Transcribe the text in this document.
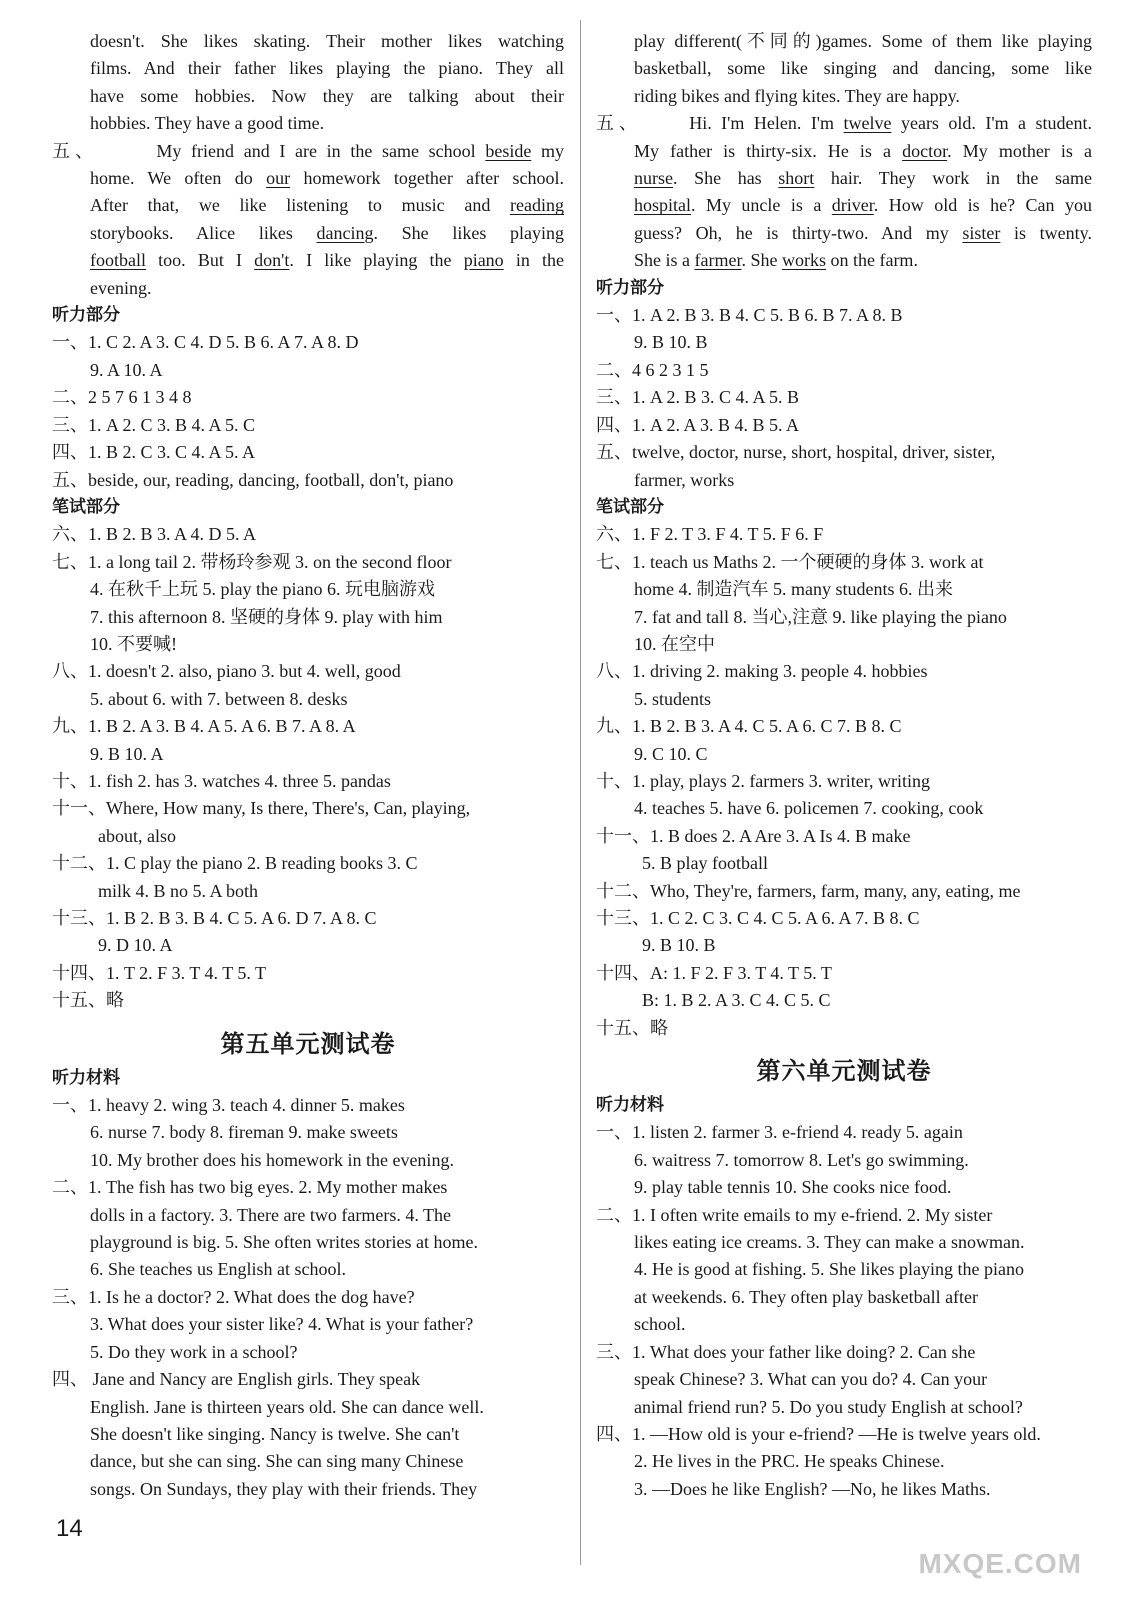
doesn't. She likes skating. Their mother likes watching
films. And their father likes playing the piano. They all
have some hobbies. Now they are talking about their
hobbies. They have a good time.
五、	My friend and I are in the same school beside my
home. We often do our homework together after school.
After that, we like listening to music and reading
storybooks. Alice likes dancing. She likes playing
football too. But I don't. I like playing the piano in the
evening.
听力部分
一、1. C 2. A 3. C 4. D 5. B 6. A 7. A 8. D
9. A 10. A
二、2 5 7 6 1 3 4 8
三、1. A 2. C 3. B 4. A 5. C
四、1. B 2. C 3. C 4. A 5. A
五、beside, our, reading, dancing, football, don't, piano
笔试部分
六、1. B 2. B 3. A 4. D 5. A
七、1. a long tail 2. 带杨玲参观 3. on the second floor
4. 在秋千上玩 5. play the piano 6. 玩电脑游戏
7. this afternoon 8. 坚硬的身体 9. play with him
10. 不要喊!
八、1. doesn't 2. also, piano 3. but 4. well, good
5. about 6. with 7. between 8. desks
九、1. B 2. A 3. B 4. A 5. A 6. B 7. A 8. A
9. B 10. A
十、1. fish 2. has 3. watches 4. three 5. pandas
十一、Where, How many, Is there, There's, Can, playing,
about, also
十二、1. C play the piano 2. B reading books 3. C
milk 4. B no 5. A both
十三、1. B 2. B 3. B 4. C 5. A 6. D 7. A 8. C
9. D 10. A
十四、1. T 2. F 3. T 4. T 5. T
十五、略
第五单元测试卷
听力材料
一、1. heavy 2. wing 3. teach 4. dinner 5. makes
6. nurse 7. body 8. fireman 9. make sweets
10. My brother does his homework in the evening.
二、1. The fish has two big eyes. 2. My mother makes
dolls in a factory. 3. There are two farmers. 4. The
playground is big. 5. She often writes stories at home.
6. She teaches us English at school.
三、1. Is he a doctor? 2. What does the dog have?
3. What does your sister like? 4. What is your father?
5. Do they work in a school?
四、 Jane and Nancy are English girls. They speak
English. Jane is thirteen years old. She can dance well.
She doesn't like singing. Nancy is twelve. She can't
dance, but she can sing. She can sing many Chinese
songs. On Sundays, they play with their friends. They
play different(不同的)games. Some of them like playing
basketball, some like singing and dancing, some like
riding bikes and flying kites. They are happy.
五、	Hi. I'm Helen. I'm twelve years old. I'm a student.
My father is thirty-six. He is a doctor. My mother is a
nurse. She has short hair. They work in the same
hospital. My uncle is a driver. How old is he? Can you
guess? Oh, he is thirty-two. And my sister is twenty.
She is a farmer. She works on the farm.
听力部分
一、1. A 2. B 3. B 4. C 5. B 6. B 7. A 8. B
9. B 10. B
二、4 6 2 3 1 5
三、1. A 2. B 3. C 4. A 5. B
四、1. A 2. A 3. B 4. B 5. A
五、twelve, doctor, nurse, short, hospital, driver, sister,
farmer, works
笔试部分
六、1. F 2. T 3. F 4. T 5. F 6. F
七、1. teach us Maths 2. 一个硬硬的身体 3. work at
home 4. 制造汽车 5. many students 6. 出来
7. fat and tall 8. 当心,注意 9. like playing the piano
10. 在空中
八、1. driving 2. making 3. people 4. hobbies
5. students
九、1. B 2. B 3. A 4. C 5. A 6. C 7. B 8. C
9. C 10. C
十、1. play, plays 2. farmers 3. writer, writing
4. teaches 5. have 6. policemen 7. cooking, cook
十一、1. B does 2. A Are 3. A Is 4. B make
5. B play football
十二、Who, They're, farmers, farm, many, any, eating, me
十三、1. C 2. C 3. C 4. C 5. A 6. A 7. B 8. C
9. B 10. B
十四、A: 1. F 2. F 3. T 4. T 5. T
B: 1. B 2. A 3. C 4. C 5. C
十五、略
第六单元测试卷
听力材料
一、1. listen 2. farmer 3. e-friend 4. ready 5. again
6. waitress 7. tomorrow 8. Let's go swimming.
9. play table tennis 10. She cooks nice food.
二、1. I often write emails to my e-friend. 2. My sister
likes eating ice creams. 3. They can make a snowman.
4. He is good at fishing. 5. She likes playing the piano
at weekends. 6. They often play basketball after
school.
三、1. What does your father like doing? 2. Can she
speak Chinese? 3. What can you do? 4. Can your
animal friend run? 5. Do you study English at school?
四、1. —How old is your e-friend? —He is twelve years old.
2. He lives in the PRC. He speaks Chinese.
3. —Does he like English? —No, he likes Maths.
14
MXQE.COM
